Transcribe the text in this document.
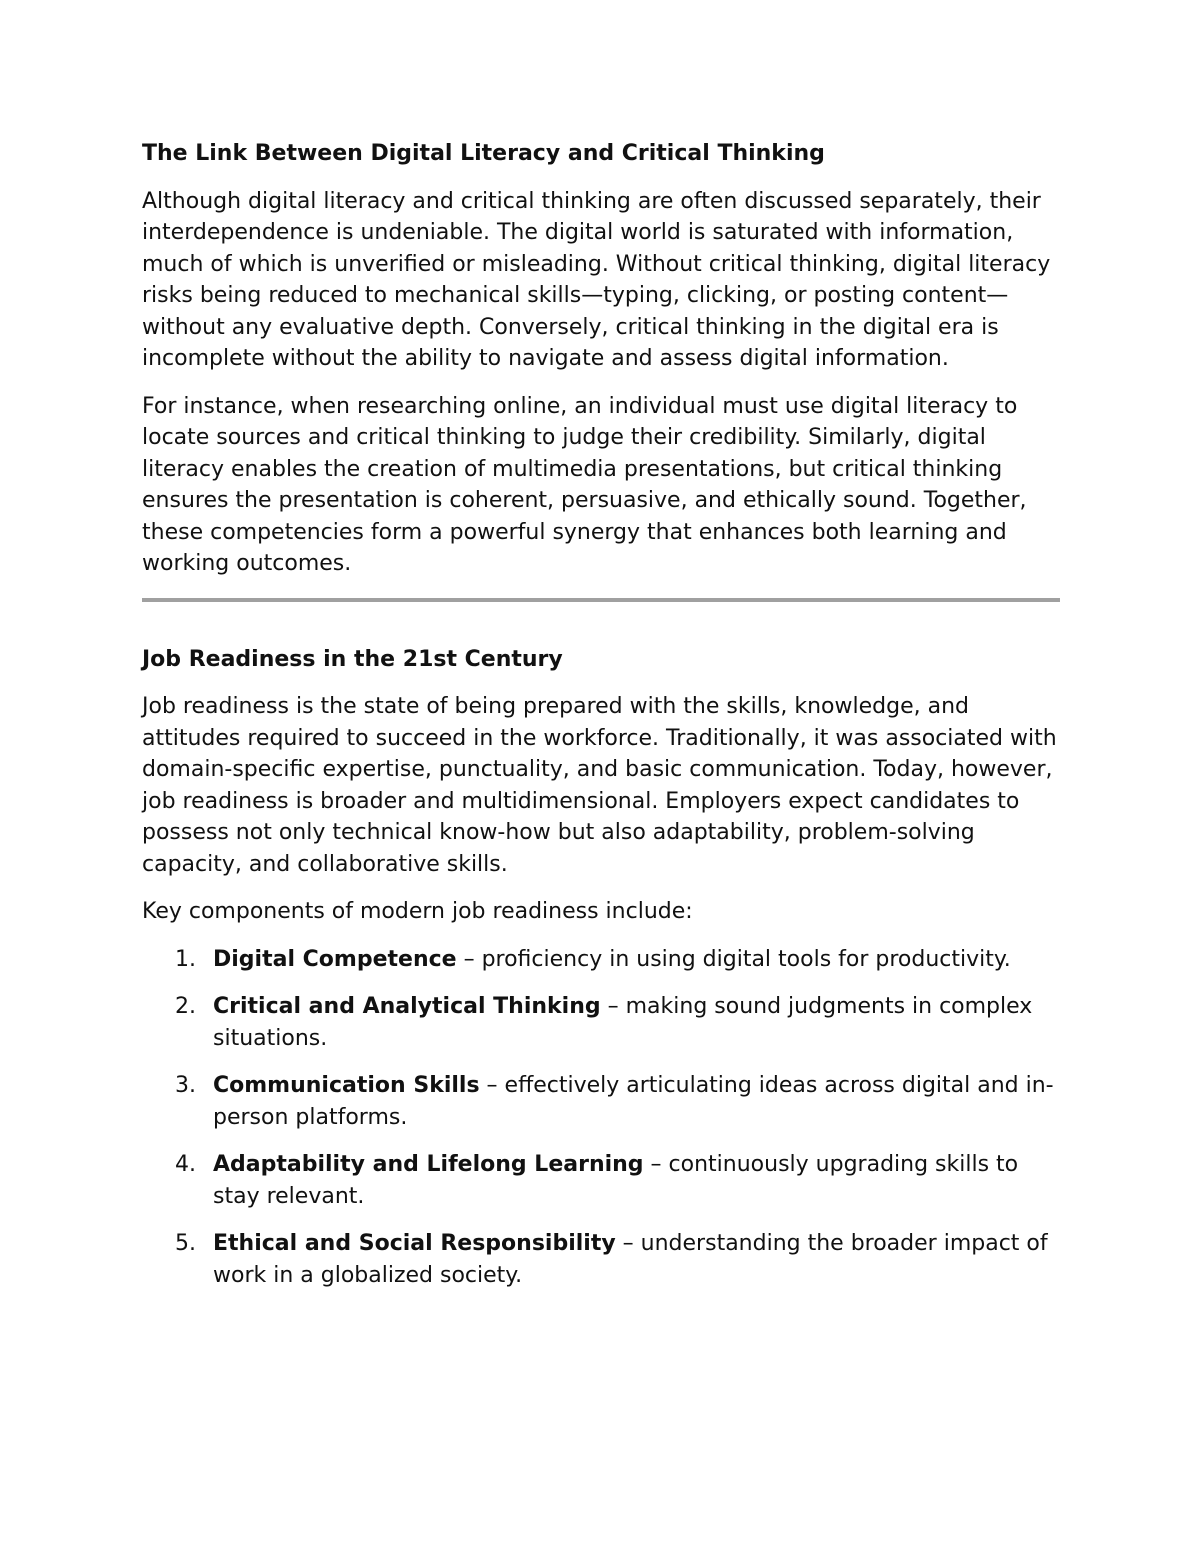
The Link Between Digital Literacy and Critical Thinking

Although digital literacy and critical thinking are often discussed separately, their interdependence is undeniable. The digital world is saturated with information, much of which is unverified or misleading. Without critical thinking, digital literacy risks being reduced to mechanical skills—typing, clicking, or posting content—without any evaluative depth. Conversely, critical thinking in the digital era is incomplete without the ability to navigate and assess digital information.

For instance, when researching online, an individual must use digital literacy to locate sources and critical thinking to judge their credibility. Similarly, digital literacy enables the creation of multimedia presentations, but critical thinking ensures the presentation is coherent, persuasive, and ethically sound. Together, these competencies form a powerful synergy that enhances both learning and working outcomes.

Job Readiness in the 21st Century

Job readiness is the state of being prepared with the skills, knowledge, and attitudes required to succeed in the workforce. Traditionally, it was associated with domain-specific expertise, punctuality, and basic communication. Today, however, job readiness is broader and multidimensional. Employers expect candidates to possess not only technical know-how but also adaptability, problem-solving capacity, and collaborative skills.

Key components of modern job readiness include:

1. Digital Competence – proficiency in using digital tools for productivity.
2. Critical and Analytical Thinking – making sound judgments in complex situations.
3. Communication Skills – effectively articulating ideas across digital and in-person platforms.
4. Adaptability and Lifelong Learning – continuously upgrading skills to stay relevant.
5. Ethical and Social Responsibility – understanding the broader impact of work in a globalized society.
